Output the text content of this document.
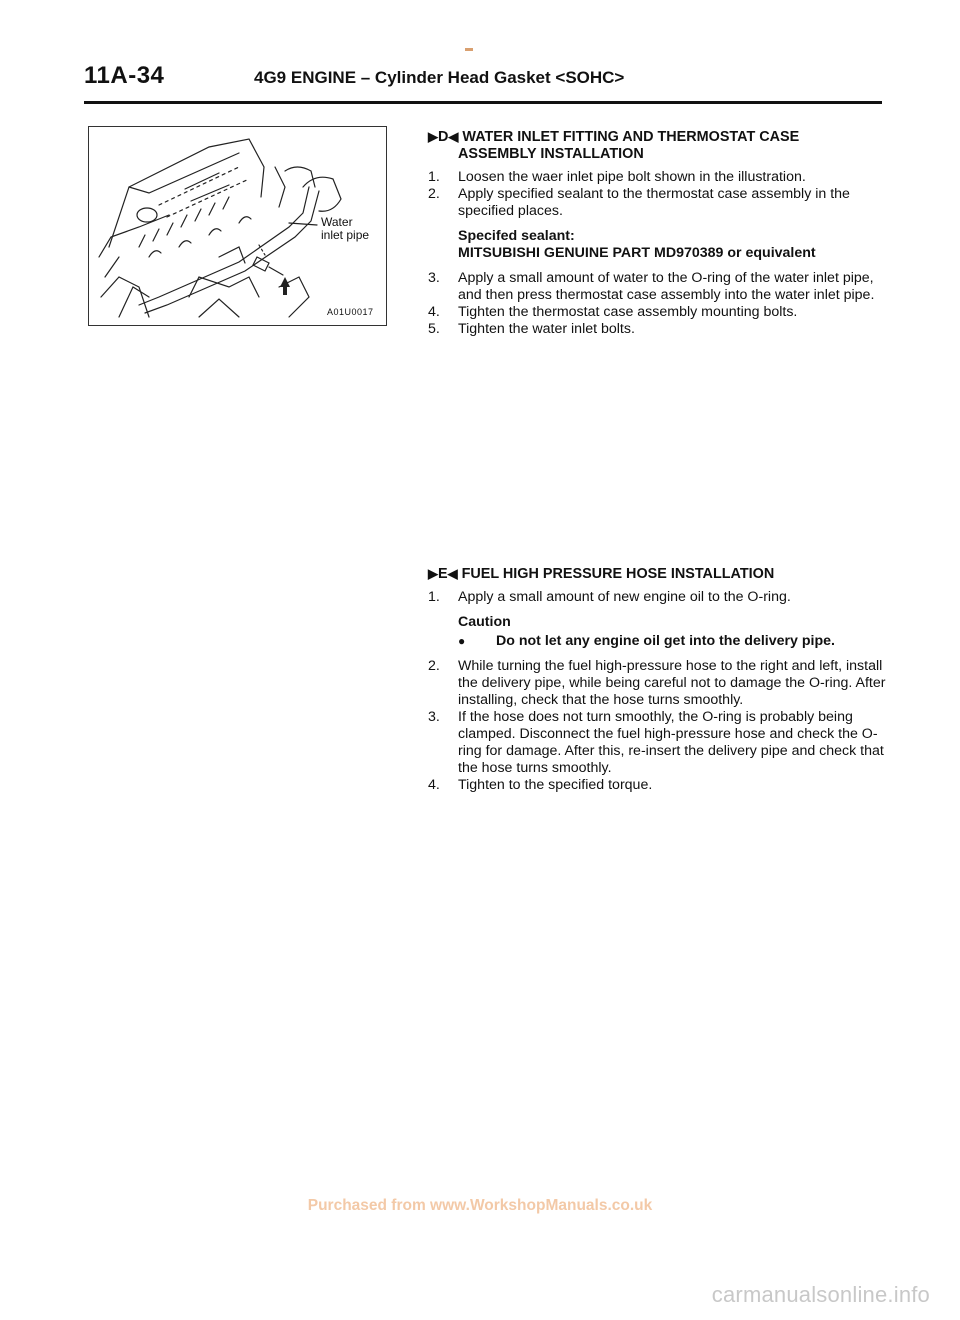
11A-34	4G9 ENGINE – Cylinder Head Gasket <SOHC>
Water
inlet pipe
A01U0017
▶D◀ WATER INLET FITTING AND THERMOSTAT CASE
ASSEMBLY INSTALLATION
1. Loosen the waer inlet pipe bolt shown in the illustration.
2. Apply specified sealant to the thermostat case assembly in the specified places.
Specifed sealant:
MITSUBISHI GENUINE PART MD970389 or equivalent
3. Apply a small amount of water to the O-ring of the water inlet pipe, and then press thermostat case assembly into the water inlet pipe.
4. Tighten the thermostat case assembly mounting bolts.
5. Tighten the water inlet bolts.
▶E◀ FUEL HIGH PRESSURE HOSE INSTALLATION
1. Apply a small amount of new engine oil to the O-ring.
Caution
● Do not let any engine oil get into the delivery pipe.
2. While turning the fuel high-pressure hose to the right and left, install the delivery pipe, while being careful not to damage the O-ring. After installing, check that the hose turns smoothly.
3. If the hose does not turn smoothly, the O-ring is probably being clamped. Disconnect the fuel high-pressure hose and check the O-ring for damage. After this, re-insert the delivery pipe and check that the hose turns smoothly.
4. Tighten to the specified torque.
Purchased from www.WorkshopManuals.co.uk
carmanualsonline.info
